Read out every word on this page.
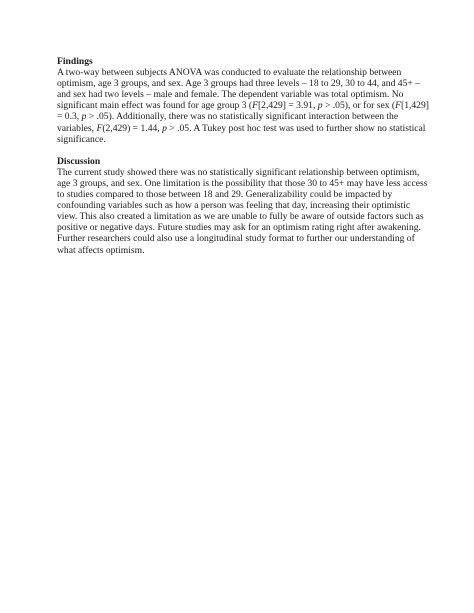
Findings

A two-way between subjects ANOVA was conducted to evaluate the relationship between
optimism, age 3 groups, and sex. Age 3 groups had three levels – 18 to 29, 30 to 44, and 45+ –
and sex had two levels – male and female. The dependent variable was total optimism. No
significant main effect was found for age group 3 (F[2,429] = 3.91, p > .05), or for sex (F[1,429]
= 0.3, p > .05). Additionally, there was no statistically significant interaction between the
variables, F(2,429) = 1.44, p > .05. A Tukey post hoc test was used to further show no statistical
significance.

Discussion

The current study showed there was no statistically significant relationship between optimism,
age 3 groups, and sex. One limitation is the possibility that those 30 to 45+ may have less access
to studies compared to those between 18 and 29. Generalizability could be impacted by
confounding variables such as how a person was feeling that day, increasing their optimistic
view. This also created a limitation as we are unable to fully be aware of outside factors such as
positive or negative days. Future studies may ask for an optimism rating right after awakening.
Further researchers could also use a longitudinal study format to further our understanding of
what affects optimism.
